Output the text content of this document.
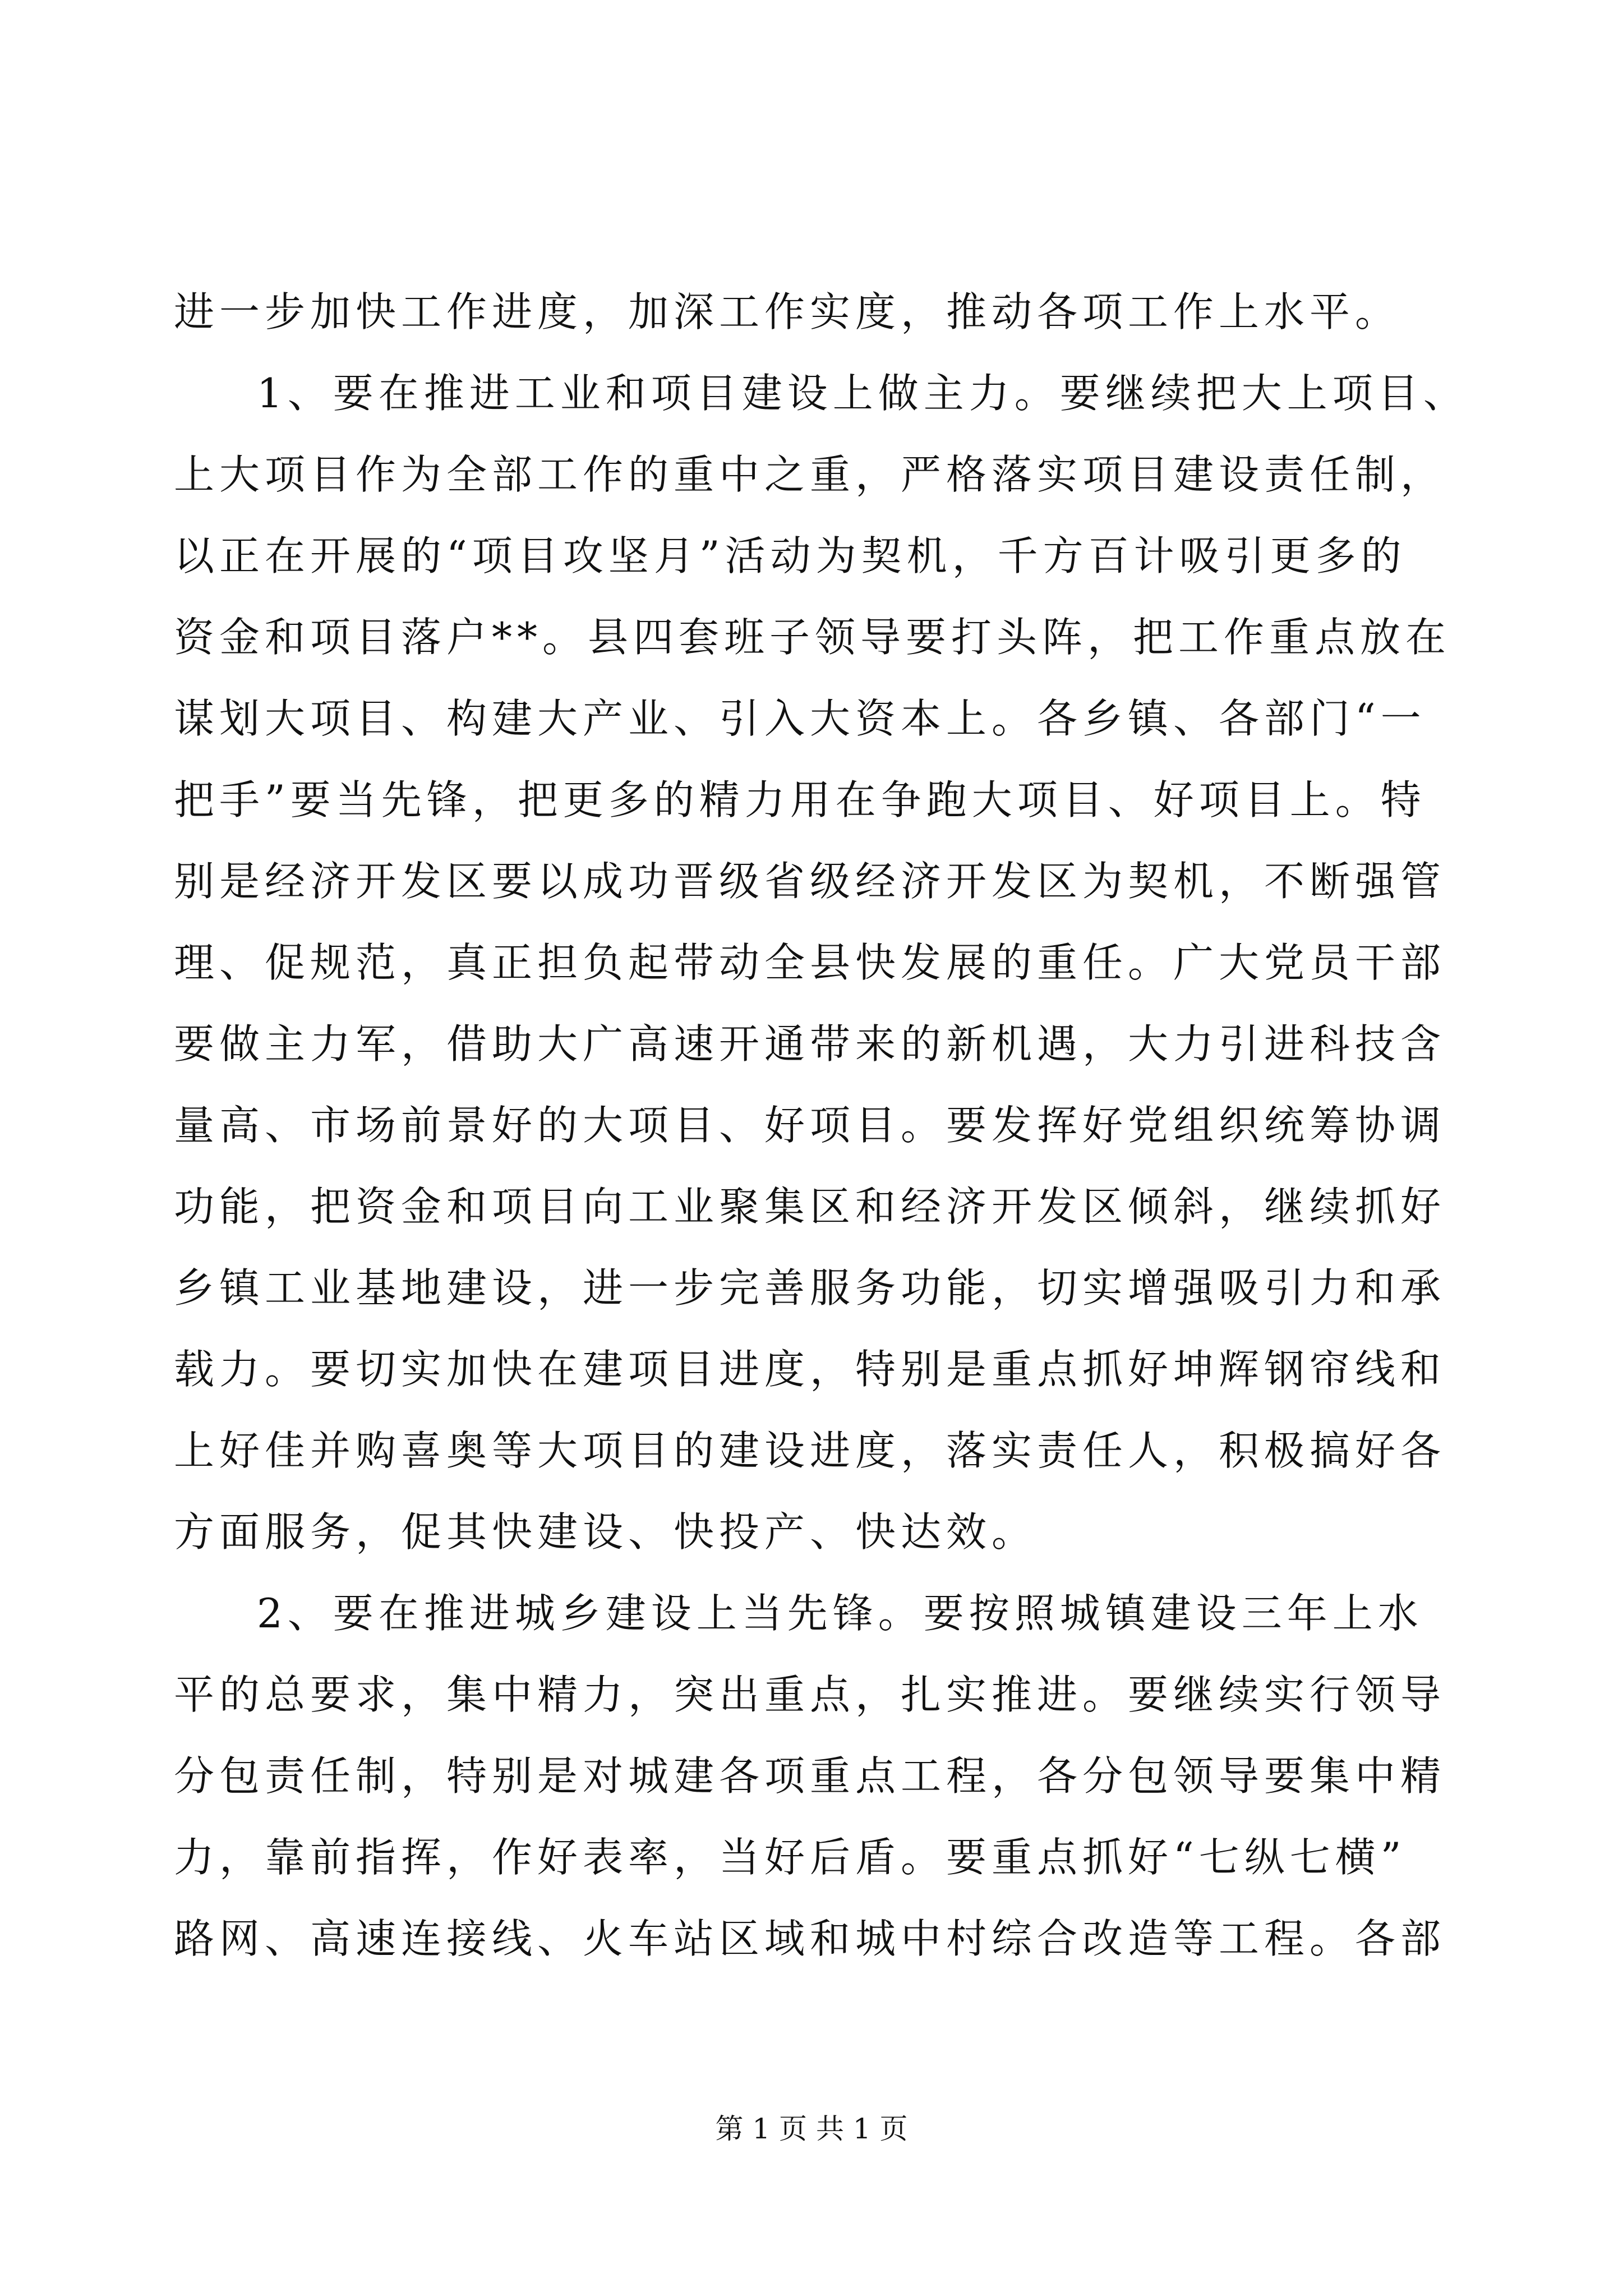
进一步加快工作进度，加深工作实度，推动各项工作上水平。
1、要在推进工业和项目建设上做主力。要继续把大上项目、
上大项目作为全部工作的重中之重，严格落实项目建设责任制，
以正在开展的“项目攻坚月”活动为契机，千方百计吸引更多的
资金和项目落户**。县四套班子领导要打头阵，把工作重点放在
谋划大项目、构建大产业、引入大资本上。各乡镇、各部门“一
把手”要当先锋，把更多的精力用在争跑大项目、好项目上。特
别是经济开发区要以成功晋级省级经济开发区为契机，不断强管
理、促规范，真正担负起带动全县快发展的重任。广大党员干部
要做主力军，借助大广高速开通带来的新机遇，大力引进科技含
量高、市场前景好的大项目、好项目。要发挥好党组织统筹协调
功能，把资金和项目向工业聚集区和经济开发区倾斜，继续抓好
乡镇工业基地建设，进一步完善服务功能，切实增强吸引力和承
载力。要切实加快在建项目进度，特别是重点抓好坤辉钢帘线和
上好佳并购喜奥等大项目的建设进度，落实责任人，积极搞好各
方面服务，促其快建设、快投产、快达效。
2、要在推进城乡建设上当先锋。要按照城镇建设三年上水
平的总要求，集中精力，突出重点，扎实推进。要继续实行领导
分包责任制，特别是对城建各项重点工程，各分包领导要集中精
力，靠前指挥，作好表率，当好后盾。要重点抓好“七纵七横”
路网、高速连接线、火车站区域和城中村综合改造等工程。各部
第 1 页 共 1 页
